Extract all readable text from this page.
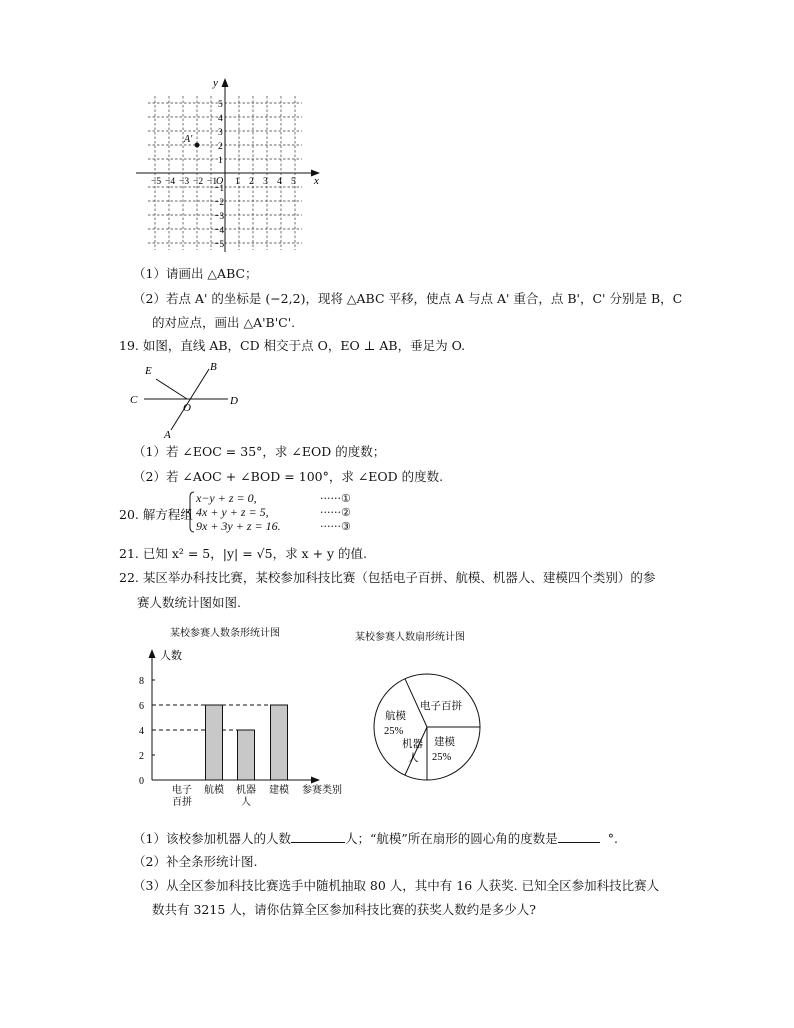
y
x
O
−5 −4 −3 −2 −1 1 2 3 4 5
5
4
3
2
1
−1
−2
−3
−4
−5
A'
（1）请画出 △ABC；
（2）若点 A' 的坐标是 (−2,2)，现将 △ABC 平移，使点 A 与点 A' 重合，点 B'，C' 分别是 B，C
的对应点，画出 △A'B'C'.
19. 如图，直线 AB，CD 相交于点 O，EO ⊥ AB，垂足为 O.
E	B
C
O
D
A
（1）若 ∠EOC = 35°，求 ∠EOD 的度数；
（2）若 ∠AOC + ∠BOD = 100°，求 ∠EOD 的度数.
20. 解方程组
x−y + z = 0,
4x + y + z = 5,
9x + 3y + z = 16.
······①
······②
······③
21. 已知 x² = 5，|y| = √5，求 x + y 的值.
22. 某区举办科技比赛，某校参加科技比赛（包括电子百拼、航模、机器人、建模四个类别）的参
赛人数统计图如图.
某校参赛人数条形统计图
人数
参赛类别
0
2
4
6
8
电子
百拼
航模 机器
人
建模
某校参赛人数扇形统计图
电子百拼
航模
25%
机器
人
建模
25%
（1）该校参加机器人的人数	人；“航模”所在扇形的圆心角的度数是	°.
（2）补全条形统计图.
（3）从全区参加科技比赛选手中随机抽取 80 人，其中有 16 人获奖. 已知全区参加科技比赛人
数共有 3215 人，请你估算全区参加科技比赛的获奖人数约是多少人?
